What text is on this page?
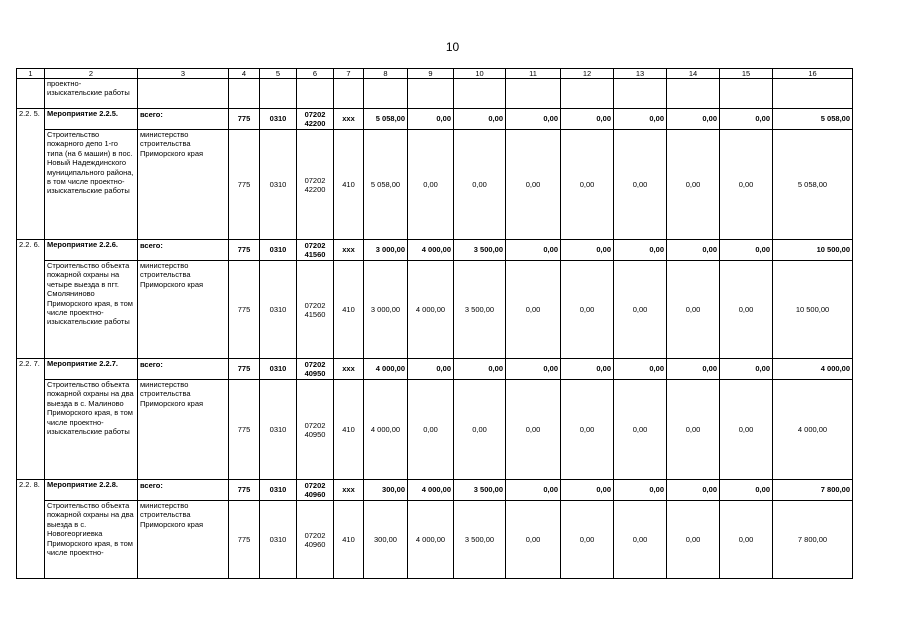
10
1	2	3	4	5	6	7	8	9	10	11	12	13	14	15	16
	проектно-изыскательские работы														
2.2. 5.	Мероприятие 2.2.5.	всего:	775	0310	07202 42200	ххх	5 058,00	0,00	0,00	0,00	0,00	0,00	0,00	0,00	5 058,00
	Строительство пожарного депо 1-го типа (на 6 машин) в пос. Новый Надеждинского муниципального района, в том числе проектно-изыскательские работы	министерство строительства Приморского края	775	0310	07202 42200	410	5 058,00	0,00	0,00	0,00	0,00	0,00	0,00	0,00	5 058,00
2.2. 6.	Мероприятие 2.2.6.	всего:	775	0310	07202 41560	ххх	3 000,00	4 000,00	3 500,00	0,00	0,00	0,00	0,00	0,00	10 500,00
	Строительство объекта пожарной охраны на четыре выезда в пгт. Смоляниново Приморского края, в том числе проектно-изыскательские работы	министерство строительства Приморского края	775	0310	07202 41560	410	3 000,00	4 000,00	3 500,00	0,00	0,00	0,00	0,00	0,00	10 500,00
2.2. 7.	Мероприятие 2.2.7.	всего:	775	0310	07202 40950	ххх	4 000,00	0,00	0,00	0,00	0,00	0,00	0,00	0,00	4 000,00
	Строительство объекта пожарной охраны на два выезда в с. Малиново Приморского края, в том числе проектно-изыскательские работы	министерство строительства Приморского края	775	0310	07202 40950	410	4 000,00	0,00	0,00	0,00	0,00	0,00	0,00	0,00	4 000,00
2.2. 8.	Мероприятие 2.2.8.	всего:	775	0310	07202 40960	ххх	300,00	4 000,00	3 500,00	0,00	0,00	0,00	0,00	0,00	7 800,00
	Строительство объекта пожарной охраны на два выезда в с. Новогеоргиевка Приморского края, в том числе проектно-	министерство строительства Приморского края	775	0310	07202 40960	410	300,00	4 000,00	3 500,00	0,00	0,00	0,00	0,00	0,00	7 800,00
